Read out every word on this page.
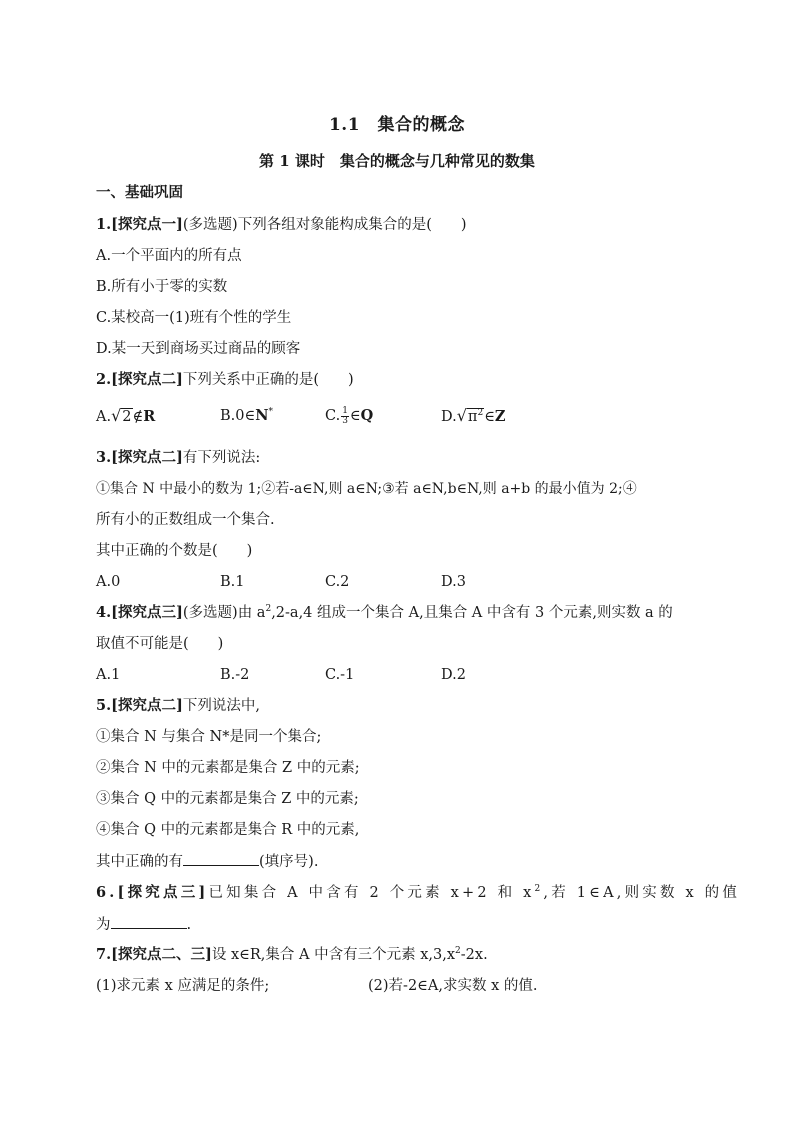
1.1　集合的概念
第 1 课时　集合的概念与几种常见的数集
一、基础巩固
1.[探究点一](多选题)下列各组对象能构成集合的是(　　)
A.一个平面内的所有点
B.所有小于零的实数
C.某校高一(1)班有个性的学生
D.某一天到商场买过商品的顾客
2.[探究点二]下列关系中正确的是(　　)
A.√2∉R	B.0∈N*	C. $\frac{1}{3}$ ∈Q	$D.√\pi^2\in Z$
3.[探究点二]有下列说法:
①集合 N 中最小的数为 1;②若-a∈N,则 a∈N;③若 a∈N,b∈N,则 a+b 的最小值为 2;④
所有小的正数组成一个集合.
其中正确的个数是(　　)
A.0	B.1	C.2	D.3
4.[探究点三](多选题)由 $a^2,2-a,4$ 组成一个集合 A,且集合 A 中含有 3 个元素,则实数 a 的
取值不可能是(　　)
A.1	B.-2	C.-1	D.2
5.[探究点二]下列说法中,
①集合 N 与集合 N*是同一个集合;
②集合 N 中的元素都是集合 Z 中的元素;
③集合 Q 中的元素都是集合 Z 中的元素;
④集合 Q 中的元素都是集合 R 中的元素,
其中正确的有	(填序号).
6.[探究点三]已知集合 A 中含有 2 个元素 x+2 和 $x^2$,若 1∈A,则实数 x 的值
为	.
7.[探究点二、三]设 x∈R,集合 A 中含有三个元素 $x,3,x^2-2x$.
(1)求元素 x 应满足的条件;	(2)若-2∈A,求实数 x 的值.
